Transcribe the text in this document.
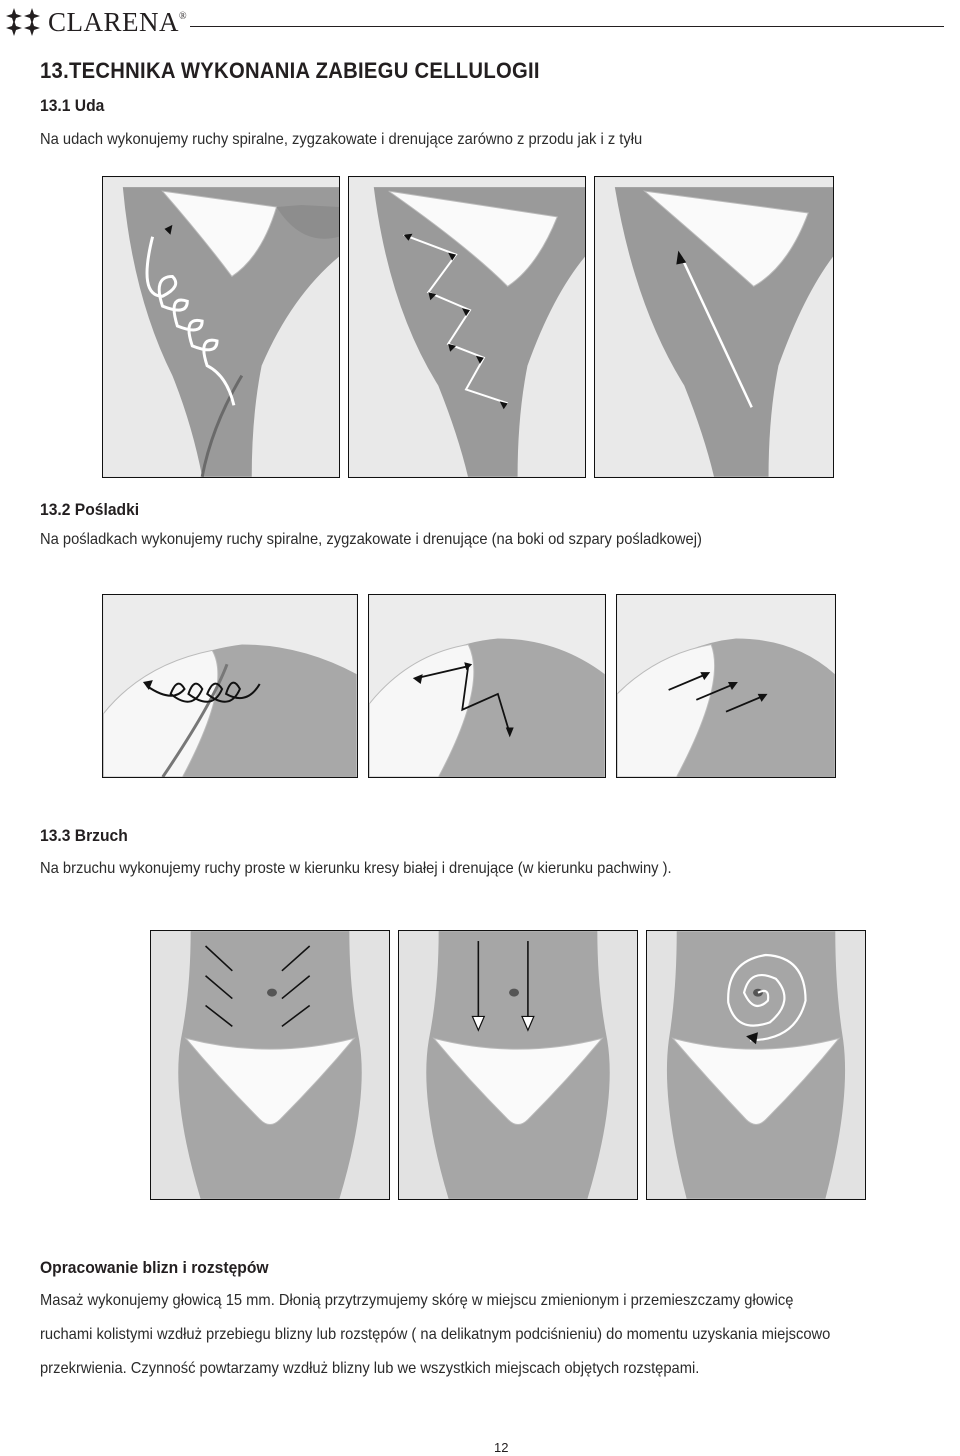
CLARENA®
13.TECHNIKA WYKONANIA ZABIEGU CELLULOGII
13.1 Uda
Na udach wykonujemy ruchy spiralne, zygzakowate i drenujące zarówno z przodu jak i z tyłu
13.2 Pośladki
Na pośladkach wykonujemy ruchy spiralne, zygzakowate i drenujące (na boki od szpary pośladkowej)
13.3 Brzuch
Na brzuchu wykonujemy ruchy proste w kierunku kresy białej i drenujące (w kierunku pachwiny ).
Opracowanie blizn i rozstępów
Masaż wykonujemy głowicą 15 mm. Dłonią przytrzymujemy skórę w miejscu zmienionym i przemieszczamy głowicę
ruchami kolistymi wzdłuż przebiegu blizny lub rozstępów ( na delikatnym podciśnieniu) do momentu uzyskania miejscowo
przekrwienia. Czynność powtarzamy wzdłuż blizny lub we wszystkich miejscach objętych rozstępami.
12
